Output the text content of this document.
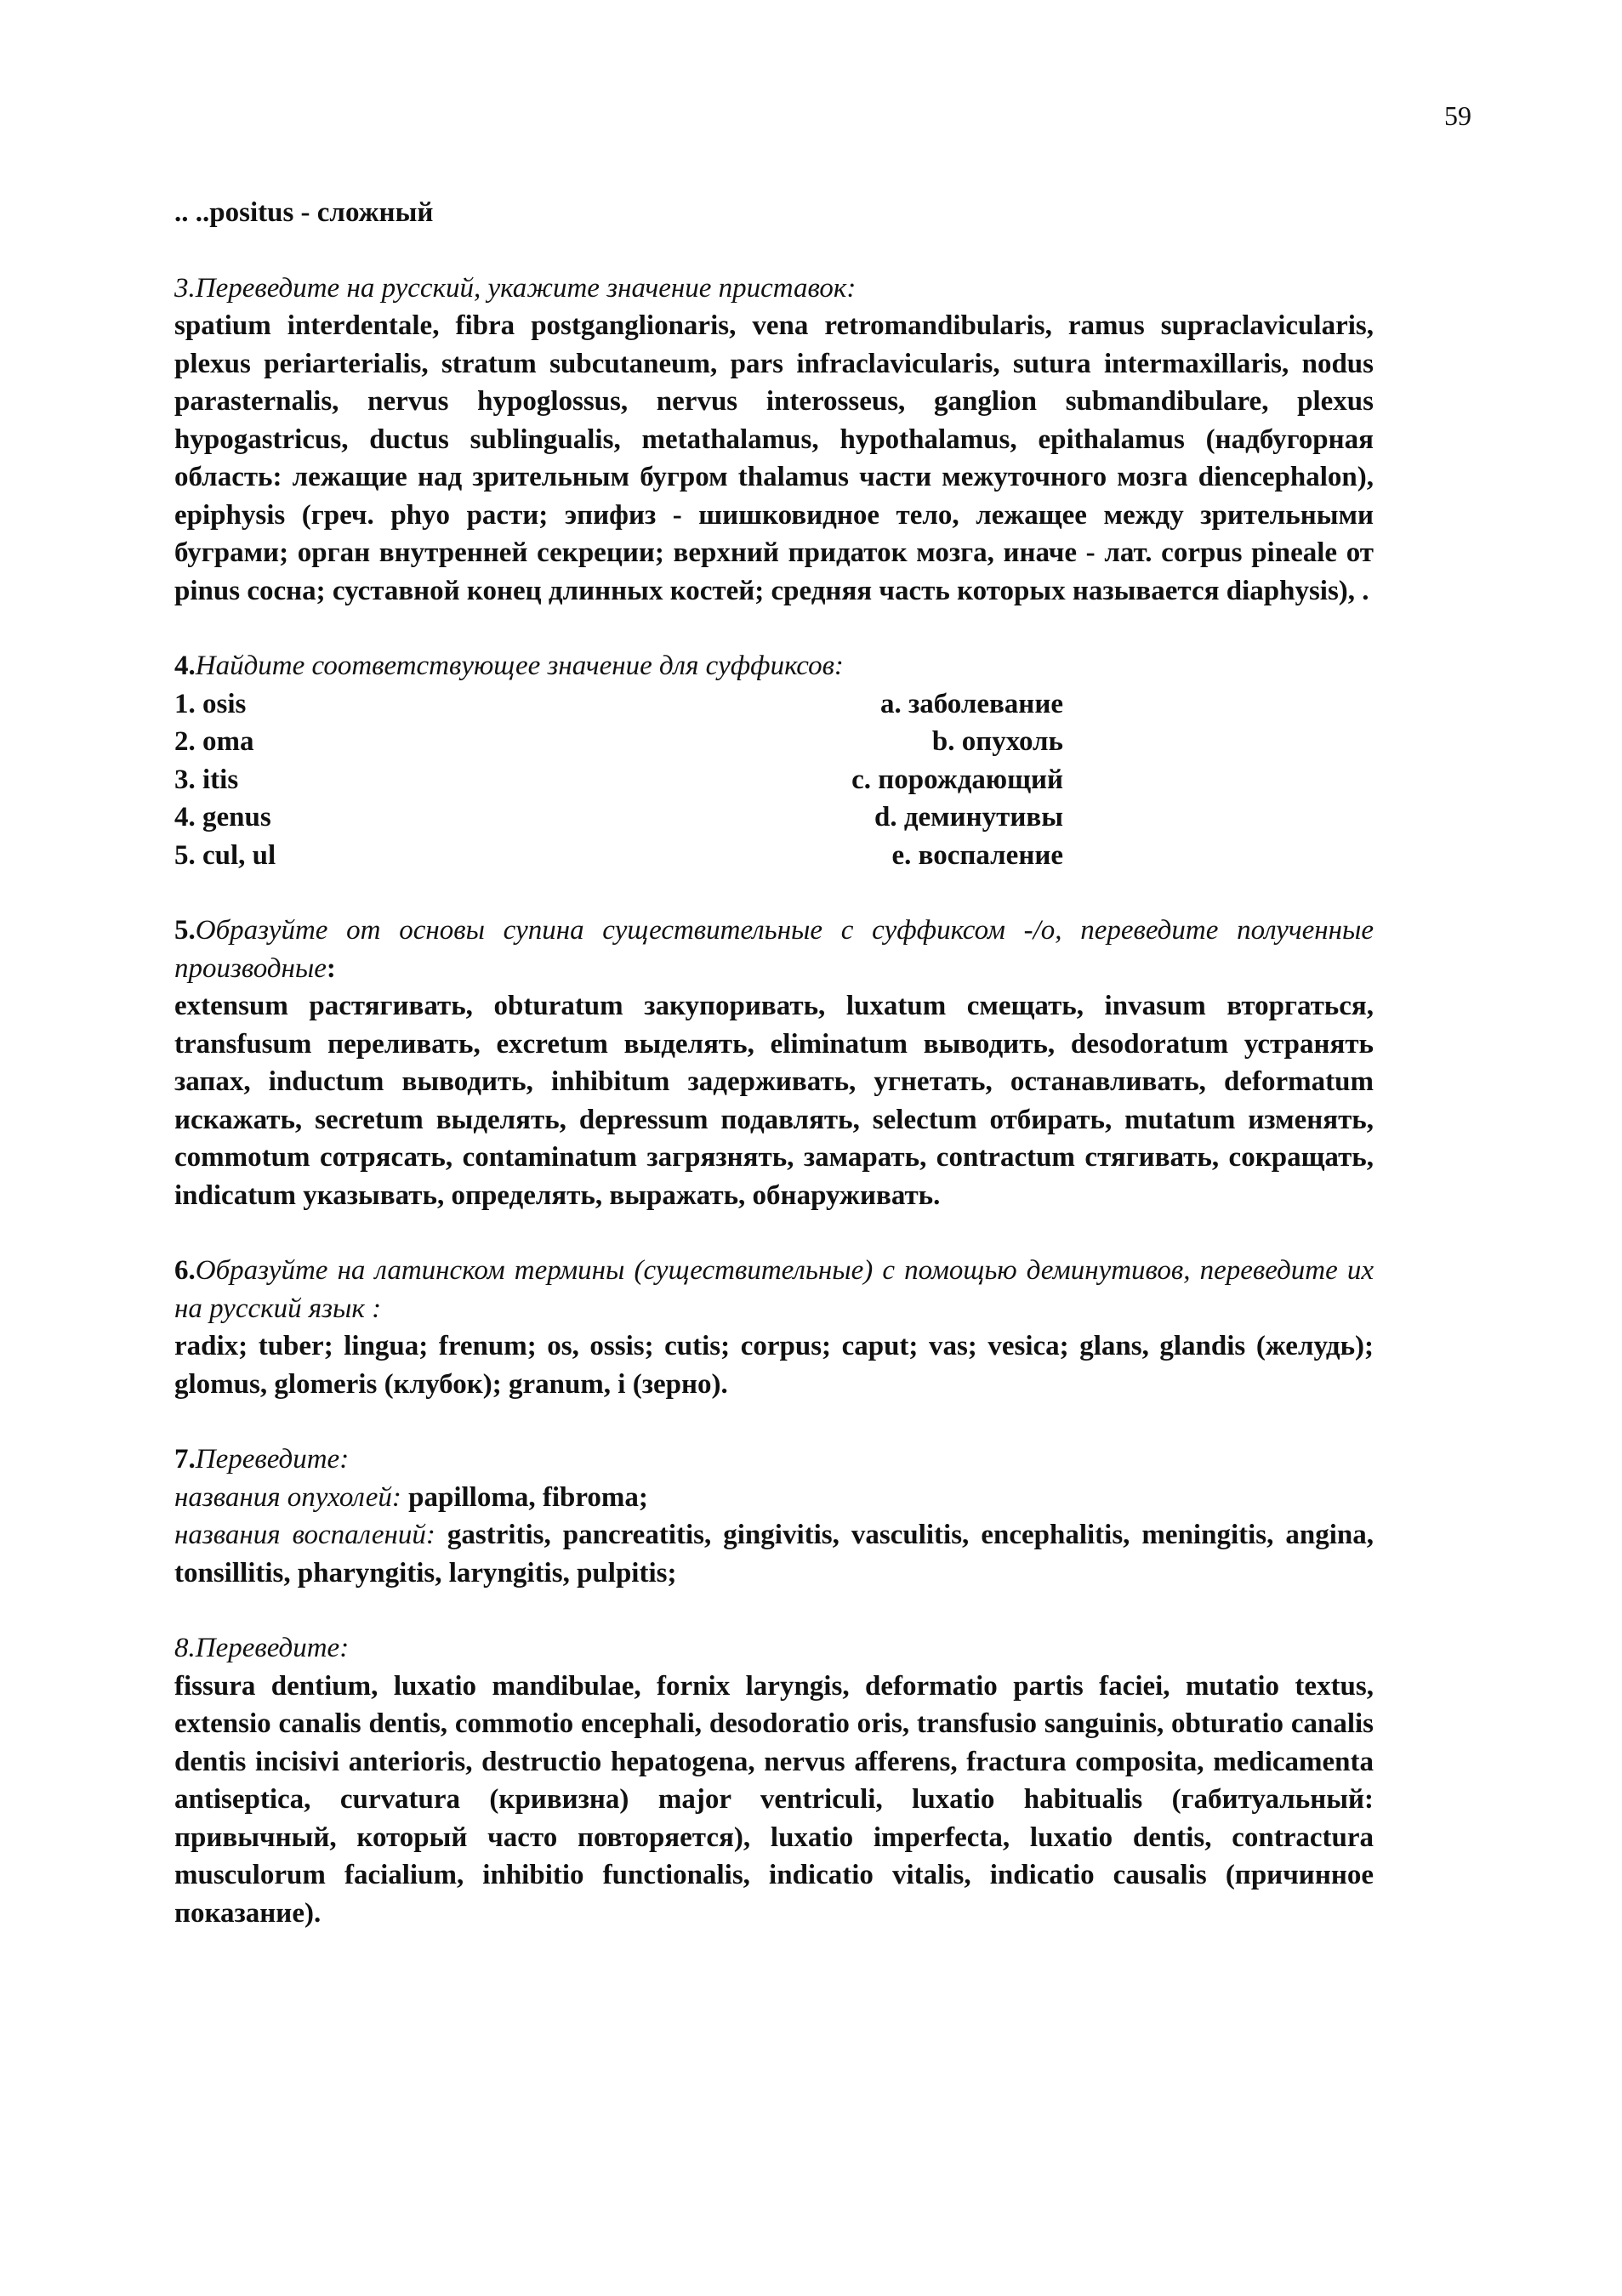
59
.. ..positus - сложный
3.Переведите на русский, укажите значение приставок:
spatium interdentale, fibra postganglionaris, vena retromandibularis, ramus supraclavicularis, plexus periarterialis, stratum subcutaneum, pars infraclavicularis, sutura intermaxillaris, nodus parasternalis, nervus hypoglossus, nervus interosseus, ganglion submandibulare, plexus hypogastricus, ductus sublingualis, metathalamus, hypothalamus, epithalamus (надбугорная область: лежащие над зрительным бугром thalamus части межуточного мозга diencephalon), epiphysis (греч. phyo расти; эпифиз - шишковидное тело, лежащее между зрительными буграми; орган внутренней секреции; верхний придаток мозга, иначе - лат. corpus pineale от pinus сосна; суставной конец длинных костей; средняя часть которых называется diaphysis), .
4.Найдите соответствующее значение для суффиксов:
1. osis	a. заболевание
2. oma	b. опухоль
3. itis	c. порождающий
4. genus	d. деминутивы
5. cul, ul	e. воспаление
5.Образуйте от основы супина существительные с суффиксом -/о, переведите полученные производные:
extensum растягивать, obturatum закупоривать, luxatum смещать, invasum вторгаться, transfusum переливать, excretum выделять, eliminatum выводить, desodoratum устранять запах, inductum выводить, inhibitum задерживать, угнетать, останавливать, deformatum искажать, secretum выделять, depressum подавлять, selectum отбирать, mutatum изменять, commotum сотрясать, contaminatum загрязнять, замарать, contractum стягивать, сокращать, indicatum указывать, определять, выражать, обнаруживать.
6.Образуйте на латинском термины (существительные) с помощью деминутивов, переведите их на русский язык :
radix; tuber; lingua; frenum; os, ossis; cutis; corpus; caput; vas; vesica; glans, glandis (желудь); glomus, glomeris (клубок); granum, i (зерно).
7.Переведите:
названия опухолей: papilloma, fibroma;
названия воспалений: gastritis, pancreatitis, gingivitis, vasculitis, encephalitis, meningitis, angina, tonsillitis, pharyngitis, laryngitis, pulpitis;
8.Переведите:
fissura dentium, luxatio mandibulae, fornix laryngis, deformatio partis faciei, mutatio textus, extensio canalis dentis, commotio encephali, desodoratio oris, transfusio sanguinis, obturatio canalis dentis incisivi anterioris, destructio hepatogena, nervus afferens, fractura composita, medicamenta antiseptica, curvatura (кривизна) major ventriculi, luxatio habitualis (габитуальный: привычный, который часто повторяется), luxatio imperfecta, luxatio dentis, contractura musculorum facialium, inhibitio functionalis, indicatio vitalis, indicatio causalis (причинное показание).
